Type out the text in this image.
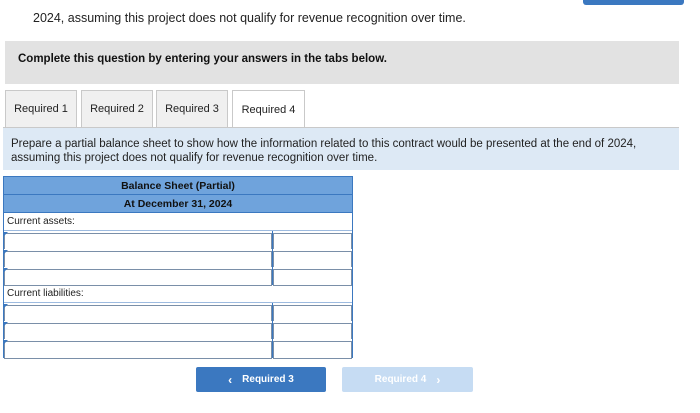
2024, assuming this project does not qualify for revenue recognition over time.
Complete this question by entering your answers in the tabs below.
Required 1	Required 2	Required 3	Required 4
Prepare a partial balance sheet to show how the information related to this contract would be presented at the end of 2024, assuming this project does not qualify for revenue recognition over time.
Balance Sheet (Partial)
At December 31, 2024
Current assets:
Current liabilities:
‹ Required 3	Required 4 ›
